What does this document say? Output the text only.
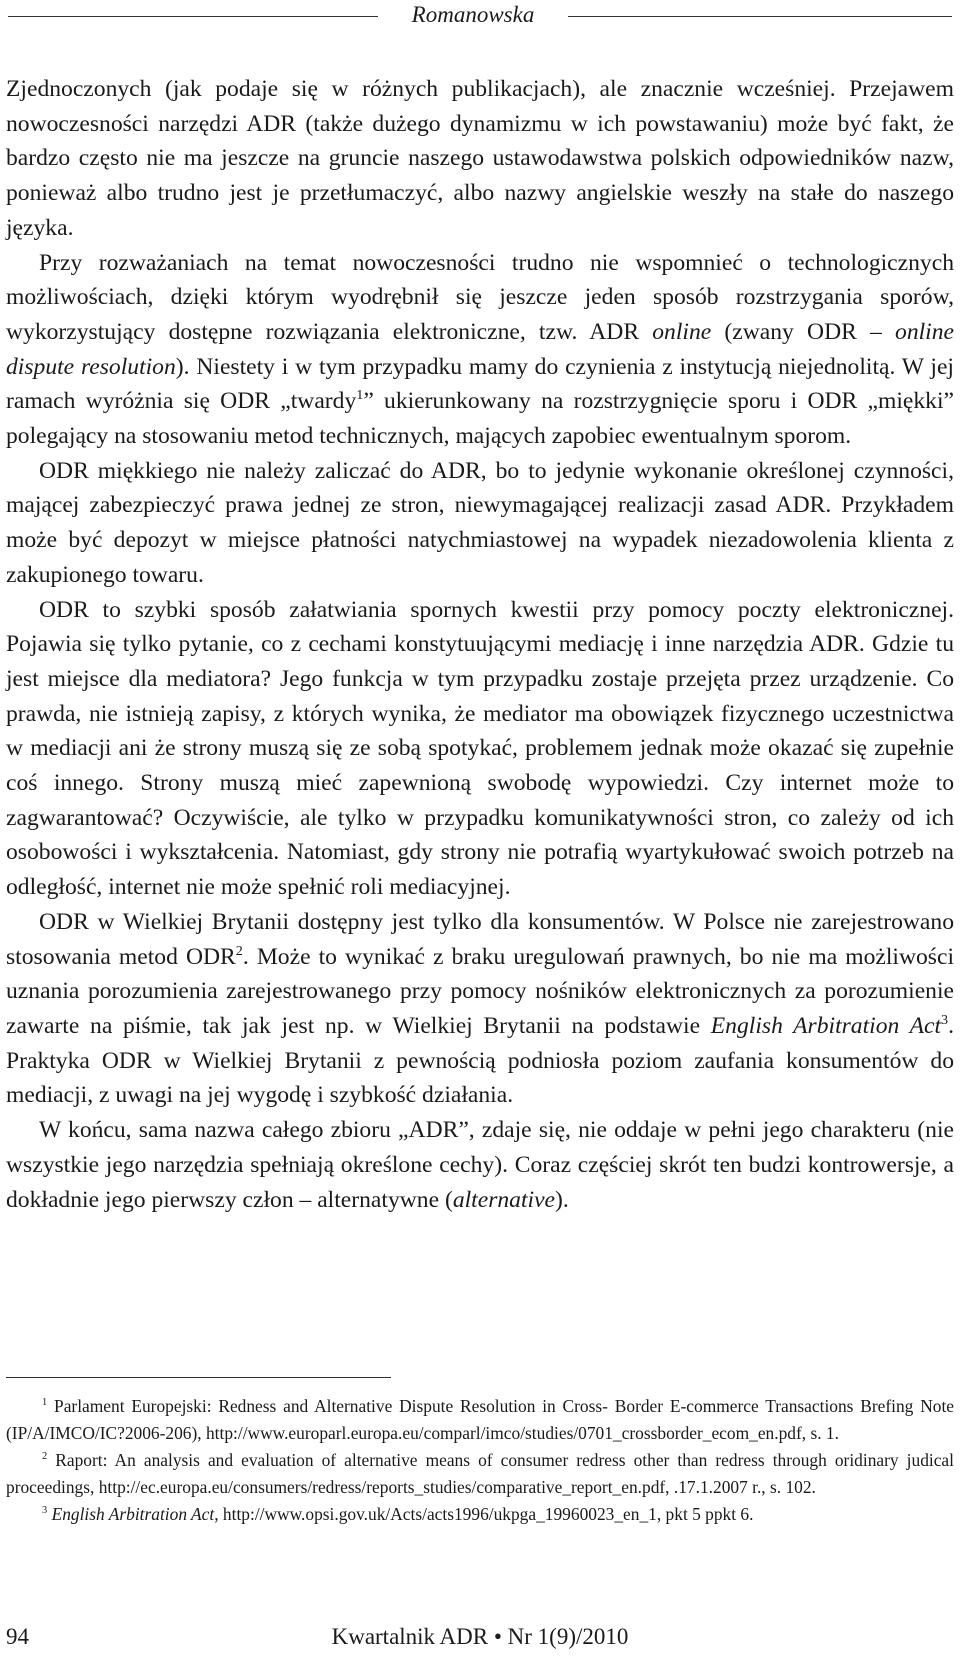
Romanowska

Zjednoczonych (jak podaje się w różnych publikacjach), ale znacznie wcześniej. Przejawem nowoczesności narzędzi ADR (także dużego dynamizmu w ich powstawaniu) może być fakt, że bardzo często nie ma jeszcze na gruncie naszego ustawodawstwa polskich odpowiedników nazw, ponieważ albo trudno jest je przetłumaczyć, albo nazwy angielskie weszły na stałe do naszego języka.

Przy rozważaniach na temat nowoczesności trudno nie wspomnieć o technologicznych możliwościach, dzięki którym wyodrębnił się jeszcze jeden sposób rozstrzygania sporów, wykorzystujący dostępne rozwiązania elektroniczne, tzw. ADR online (zwany ODR – online dispute resolution). Niestety i w tym przypadku mamy do czynienia z instytucją niejednolitą. W jej ramach wyróżnia się ODR „twardy$^1$” ukierunkowany na rozstrzygnięcie sporu i ODR „miękki” polegający na stosowaniu metod technicznych, mających zapobiec ewentualnym sporom.

ODR miękkiego nie należy zaliczać do ADR, bo to jedynie wykonanie określonej czynności, mającej zabezpieczyć prawa jednej ze stron, niewymagającej realizacji zasad ADR. Przykładem może być depozyt w miejsce płatności natychmiastowej na wypadek niezadowolenia klienta z zakupionego towaru.

ODR to szybki sposób załatwiania spornych kwestii przy pomocy poczty elektronicznej. Pojawia się tylko pytanie, co z cechami konstytuującymi mediację i inne narzędzia ADR. Gdzie tu jest miejsce dla mediatora? Jego funkcja w tym przypadku zostaje przejęta przez urządzenie. Co prawda, nie istnieją zapisy, z których wynika, że mediator ma obowiązek fizycznego uczestnictwa w mediacji ani że strony muszą się ze sobą spotykać, problemem jednak może okazać się zupełnie coś innego. Strony muszą mieć zapewnioną swobodę wypowiedzi. Czy internet może to zagwarantować? Oczywiście, ale tylko w przypadku komunikatywności stron, co zależy od ich osobowości i wykształcenia. Natomiast, gdy strony nie potrafią wyartykułować swoich potrzeb na odległość, internet nie może spełnić roli mediacyjnej.

ODR w Wielkiej Brytanii dostępny jest tylko dla konsumentów. W Polsce nie zarejestrowano stosowania metod ODR$^2$. Może to wynikać z braku uregulowań prawnych, bo nie ma możliwości uznania porozumienia zarejestrowanego przy pomocy nośników elektronicznych za porozumienie zawarte na piśmie, tak jak jest np. w Wielkiej Brytanii na podstawie English Arbitration Act$^3$. Praktyka ODR w Wielkiej Brytanii z pewnością podniosła poziom zaufania konsumentów do mediacji, z uwagi na jej wygodę i szybkość działania.

W końcu, sama nazwa całego zbioru „ADR”, zdaje się, nie oddaje w pełni jego charakteru (nie wszystkie jego narzędzia spełniają określone cechy). Coraz częściej skrót ten budzi kontrowersje, a dokładnie jego pierwszy człon – alternatywne (alternative).

$^1$ Parlament Europejski: Redness and Alternative Dispute Resolution in Cross- Border E-commerce Transactions Brefing Note (IP/A/IMCO/IC?2006-206), http://www.europarl.europa.eu/comparl/imco/studies/0701_crossborder_ecom_en.pdf, s. 1.

$^2$ Raport: An analysis and evaluation of alternative means of consumer redress other than redress through oridinary judical proceedings, http://ec.europa.eu/consumers/redress/reports_studies/comparative_report_en.pdf, .17.1.2007 r., s. 102.

$^3$ English Arbitration Act, http://www.opsi.gov.uk/Acts/acts1996/ukpga_19960023_en_1, pkt 5 ppkt 6.

Kwartalnik ADR • Nr 1(9)/2010
94
